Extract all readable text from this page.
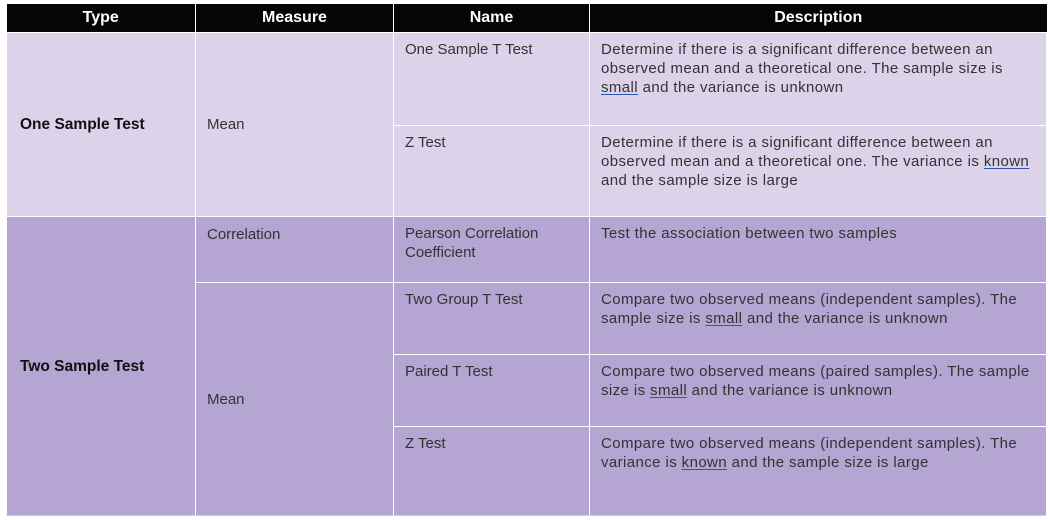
Type	Measure	Name	Description
One Sample Test	Mean	One Sample T Test	Determine if there is a significant difference between an observed mean and a theoretical one. The sample size is small and the variance is unknown
		Z Test	Determine if there is a significant difference between an observed mean and a theoretical one. The variance is known and the sample size is large
Two Sample Test	Correlation	Pearson Correlation Coefficient	Test the association between two samples
	Mean	Two Group T Test	Compare two observed means (independent samples). The sample size is small and the variance is unknown
		Paired T Test	Compare two observed means (paired samples). The sample size is small and the variance is unknown
		Z Test	Compare two observed means (independent samples). The variance is known and the sample size is large
